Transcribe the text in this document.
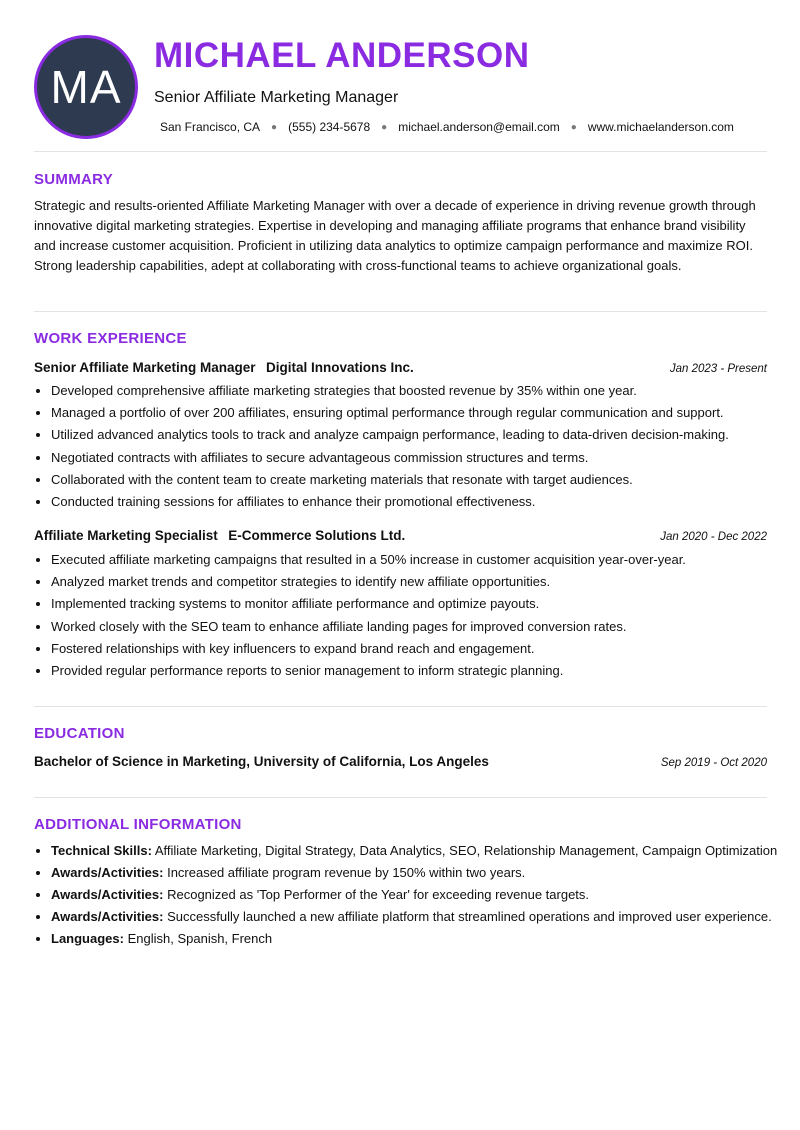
MA
MICHAEL ANDERSON
Senior Affiliate Marketing Manager
San Francisco, CA ● (555) 234-5678 ● michael.anderson@email.com ● www.michaelanderson.com
SUMMARY

Strategic and results-oriented Affiliate Marketing Manager with over a decade of experience in driving revenue growth through innovative digital marketing strategies. Expertise in developing and managing affiliate programs that enhance brand visibility and increase customer acquisition. Proficient in utilizing data analytics to optimize campaign performance and maximize ROI. Strong leadership capabilities, adept at collaborating with cross-functional teams to achieve organizational goals.

WORK EXPERIENCE
Senior Affiliate Marketing Manager Digital Innovations Inc.	Jan 2023 - Present
• Developed comprehensive affiliate marketing strategies that boosted revenue by 35% within one year.
• Managed a portfolio of over 200 affiliates, ensuring optimal performance through regular communication and support.
• Utilized advanced analytics tools to track and analyze campaign performance, leading to data-driven decision-making.
• Negotiated contracts with affiliates to secure advantageous commission structures and terms.
• Collaborated with the content team to create marketing materials that resonate with target audiences.
• Conducted training sessions for affiliates to enhance their promotional effectiveness.
Affiliate Marketing Specialist E-Commerce Solutions Ltd.	Jan 2020 - Dec 2022
• Executed affiliate marketing campaigns that resulted in a 50% increase in customer acquisition year-over-year.
• Analyzed market trends and competitor strategies to identify new affiliate opportunities.
• Implemented tracking systems to monitor affiliate performance and optimize payouts.
• Worked closely with the SEO team to enhance affiliate landing pages for improved conversion rates.
• Fostered relationships with key influencers to expand brand reach and engagement.
• Provided regular performance reports to senior management to inform strategic planning.
EDUCATION
Bachelor of Science in Marketing, University of California, Los Angeles	Sep 2019 - Oct 2020
ADDITIONAL INFORMATION
• Technical Skills: Affiliate Marketing, Digital Strategy, Data Analytics, SEO, Relationship Management, Campaign Optimization
• Awards/Activities: Increased affiliate program revenue by 150% within two years.
• Awards/Activities: Recognized as 'Top Performer of the Year' for exceeding revenue targets.
• Awards/Activities: Successfully launched a new affiliate platform that streamlined operations and improved user experience.
• Languages: English, Spanish, French
